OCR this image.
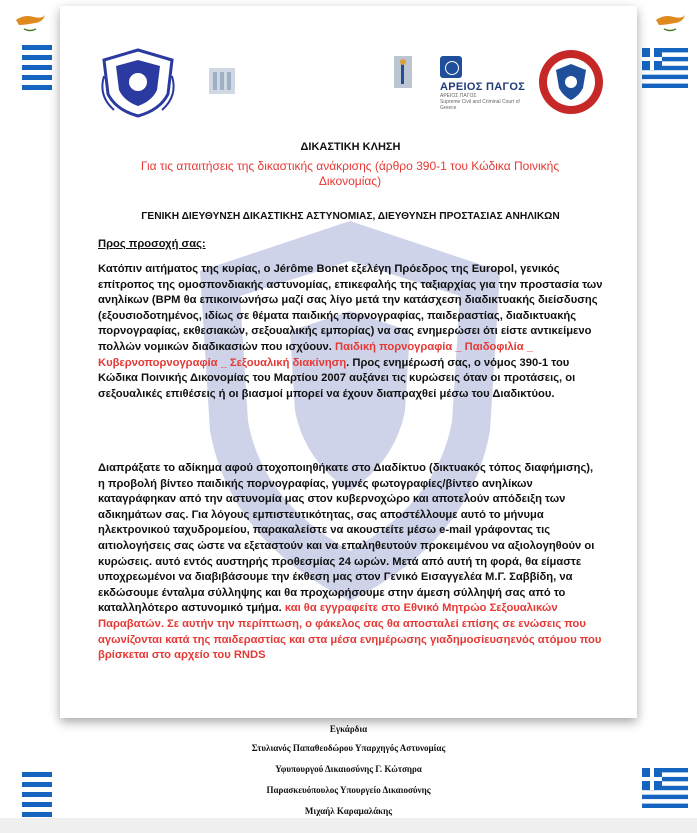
ΑΡΕΙΟΣ ΠΑΓΟΣ
ΑΡΕΙΟΣ ΠΑΓΟΣ
Supreme Civil and Criminal Court of Greece
ΔΙΚΑΣΤΙΚΗ ΚΛΗΣΗ
Για τις απαιτήσεις της δικαστικής ανάκρισης (άρθρο 390-1 του Κώδικα Ποινικής Δικονομίας)
ΓΕΝΙΚΗ ΔΙΕΥΘΥΝΣΗ ΔΙΚΑΣΤΙΚΗΣ ΑΣΤΥΝΟΜΙΑΣ, ΔΙΕΥΘΥΝΣΗ ΠΡΟΣΤΑΣΙΑΣ ΑΝΗΛΙΚΩΝ
Προς προσοχή σας:
Κατόπιν αιτήματος της κυρίας, ο Jérôme Bonet εξελέγη Πρόεδρος της Europol, γενικός επίτροπος της ομοσπονδιακής αστυνομίας, επικεφαλής της ταξιαρχίας για την προστασία των ανηλίκων (BPM θα επικοινωνήσω μαζί σας λίγο μετά την κατάσχεση διαδικτυακής διείσδυσης (εξουσιοδοτημένος, ιδίως σε θέματα παιδικής πορνογραφίας, παιδεραστίας, διαδικτυακής πορνογραφίας, εκθεσιακών, σεξουαλικής εμπορίας) να σας ενημερώσει ότι είστε αντικείμενο πολλών νομικών διαδικασιών που ισχύουν. Παιδική πορνογραφία _ Παιδοφιλία _ Κυβερνοπορνογραφία _ Σεξουαλική διακίνηση. Προς ενημέρωσή σας, ο νόμος 390-1 του Κώδικα Ποινικής Δικονομίας του Μαρτίου 2007 αυξάνει τις κυρώσεις όταν οι προτάσεις, οι σεξουαλικές επιθέσεις ή οι βιασμοί μπορεί να έχουν διαπραχθεί μέσω του Διαδικτύου.
Διαπράξατε το αδίκημα αφού στοχοποιηθήκατε στο Διαδίκτυο (δικτυακός τόπος διαφήμισης), η προβολή βίντεο παιδικής πορνογραφίας, γυμνές φωτογραφίες/βίντεο ανηλίκων καταγράφηκαν από την αστυνομία μας στον κυβερνοχώρο και αποτελούν απόδειξη των αδικημάτων σας. Για λόγους εμπιστευτικότητας, σας αποστέλλουμε αυτό το μήνυμα ηλεκτρονικού ταχυδρομείου, παρακαλείστε να ακουστείτε μέσω e-mail γράφοντας τις αιτιολογήσεις σας ώστε να εξεταστούν και να επαληθευτούν προκειμένου να αξιολογηθούν οι κυρώσεις. αυτό εντός αυστηρής προθεσμίας 24 ωρών. Μετά από αυτή τη φορά, θα είμαστε υποχρεωμένοι να διαβιβάσουμε την έκθεση μας στον Γενικό Εισαγγελέα Μ.Γ. Σαββίδη, να εκδώσουμε ένταλμα σύλληψης και θα προχωρήσουμε στην άμεση σύλληψή σας από το
καταλληλότερο αστυνομικό τμήμα. και θα εγγραφείτε στο Εθνικό Μητρώο Σεξουαλικών Παραβατών. Σε αυτήν την περίπτωση, ο φάκελος σας θα αποσταλεί επίσης σε ενώσεις που αγωνίζονται κατά της παιδεραστίας και στα μέσα ενημέρωσης γιαδημοσίευσηενός ατόμου που βρίσκεται στο αρχείο του RNDS
Εγκάρδια
Στυλιανός Παπαθεοδώρου Υπαρχηγός Αστυνομίας
Υφυπουργού Δικαιοσύνης Γ. Κώτσηρα
Παρασκευόπουλος Υπουργείο Δικαιοσύνης
Μιχαήλ Καραμαλάκης
